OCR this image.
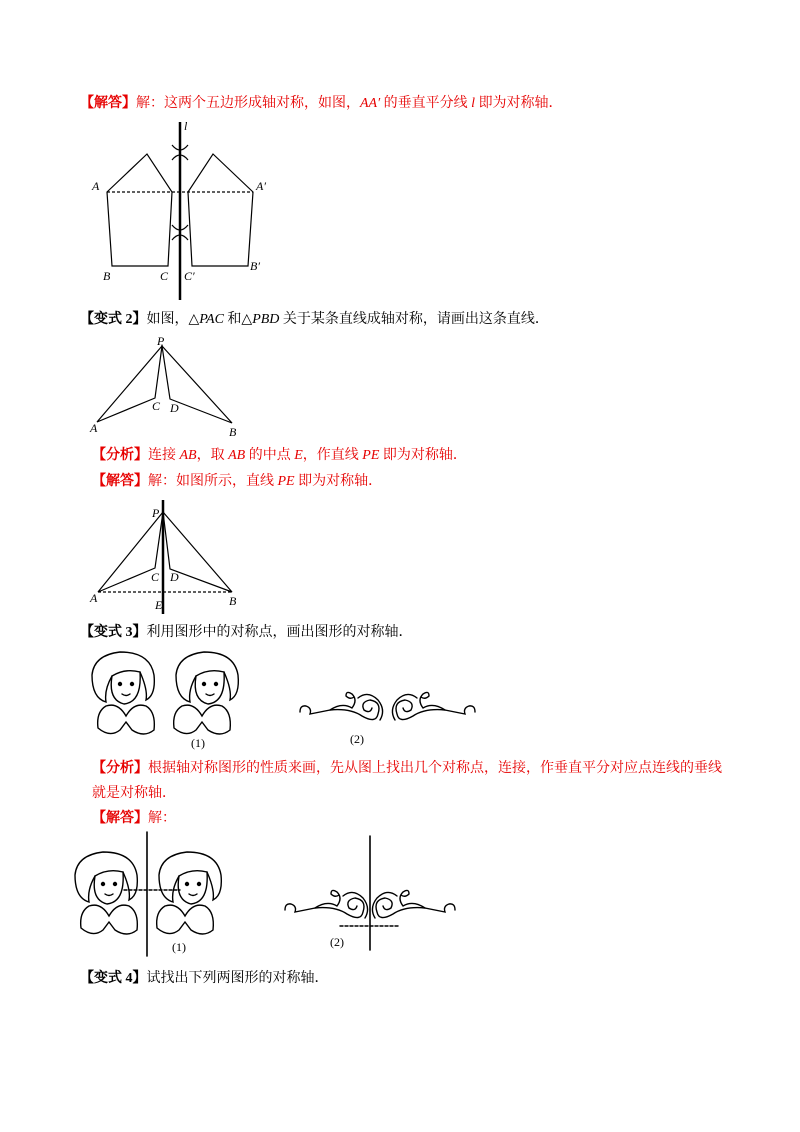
【解答】解：这两个五边形成轴对称，如图，AA′ 的垂直平分线 l 即为对称轴．
l
A	A′
B	C C′
B′
【变式 2】如图，△PAC 和△PBD 关于某条直线成轴对称，请画出这条直线．
P
A	B
C D
【分析】连接 AB，取 AB 的中点 E，作直线 PE 即为对称轴．
【解答】解：如图所示，直线 PE 即为对称轴．
P
A	B
C D
E
【变式 3】利用图形中的对称点，画出图形的对称轴．
(1)	(2)
【分析】根据轴对称图形的性质来画，先从图上找出几个对称点，连接，作垂直平分对应点连线的垂线
就是对称轴．
【解答】解：
(1)	(2)
【变式 4】试找出下列两图形的对称轴．
